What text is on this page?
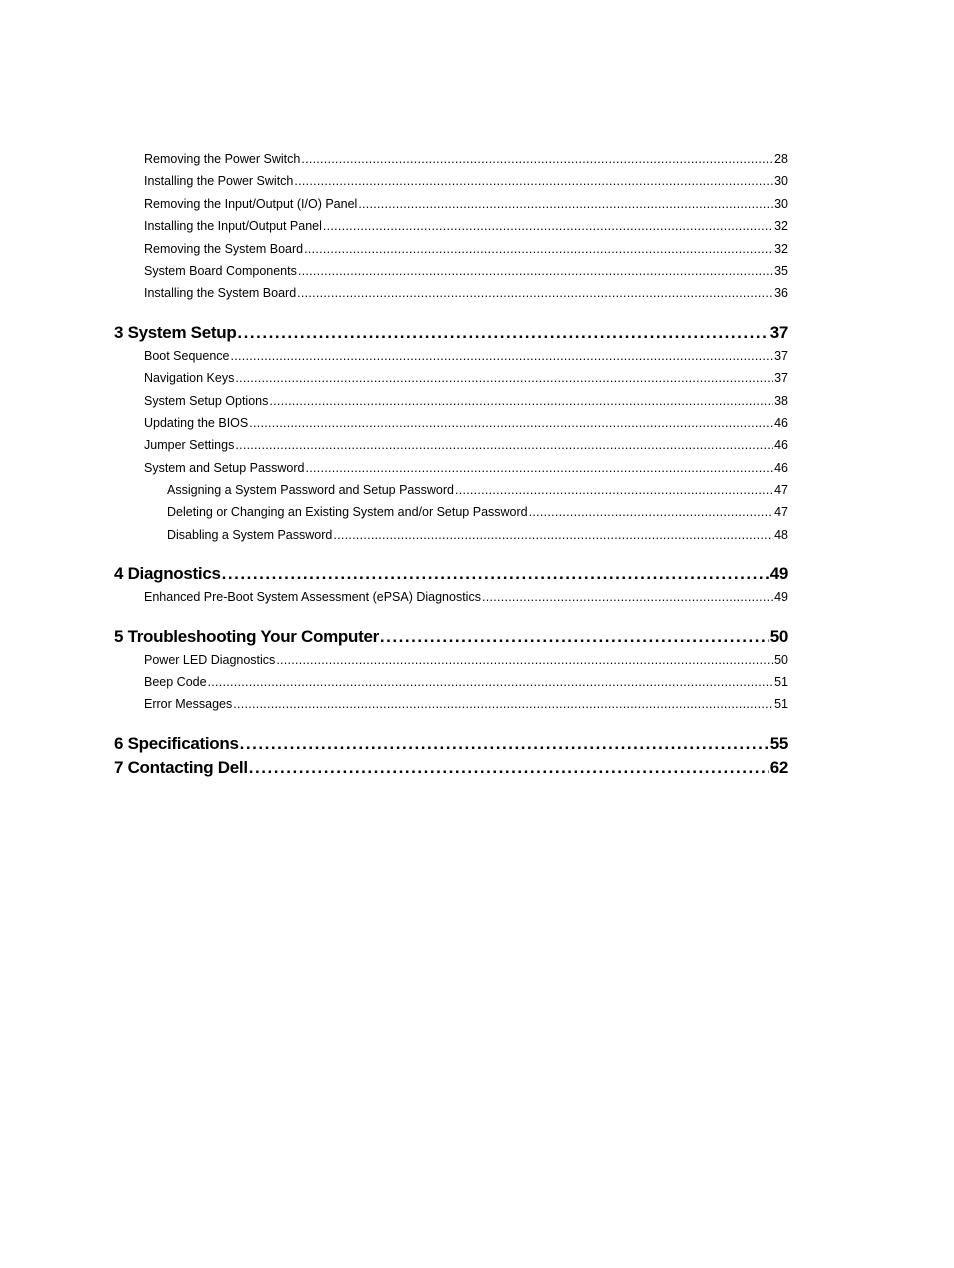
Removing the Power Switch . . .	28
Installing the Power Switch . . .	30
Removing the Input/Output (I/O) Panel . . .	30
Installing the Input/Output Panel . . .	32
Removing the System Board . . .	32
System Board Components . . .	35
Installing the System Board . . .	36
3 System Setup . . .	37
Boot Sequence . . .	37
Navigation Keys . . .	37
System Setup Options . . .	38
Updating the BIOS . . .	46
Jumper Settings . . .	46
System and Setup Password . . .	46
Assigning a System Password and Setup Password . . .	47
Deleting or Changing an Existing System and/or Setup Password . . .	47
Disabling a System Password . . .	48
4 Diagnostics . . .	49
Enhanced Pre-Boot System Assessment (ePSA) Diagnostics . . .	49
5 Troubleshooting Your Computer . . .	50
Power LED Diagnostics . . .	50
Beep Code . . .	51
Error Messages . . .	51
6 Specifications . . .	55
7 Contacting Dell . . .	62
